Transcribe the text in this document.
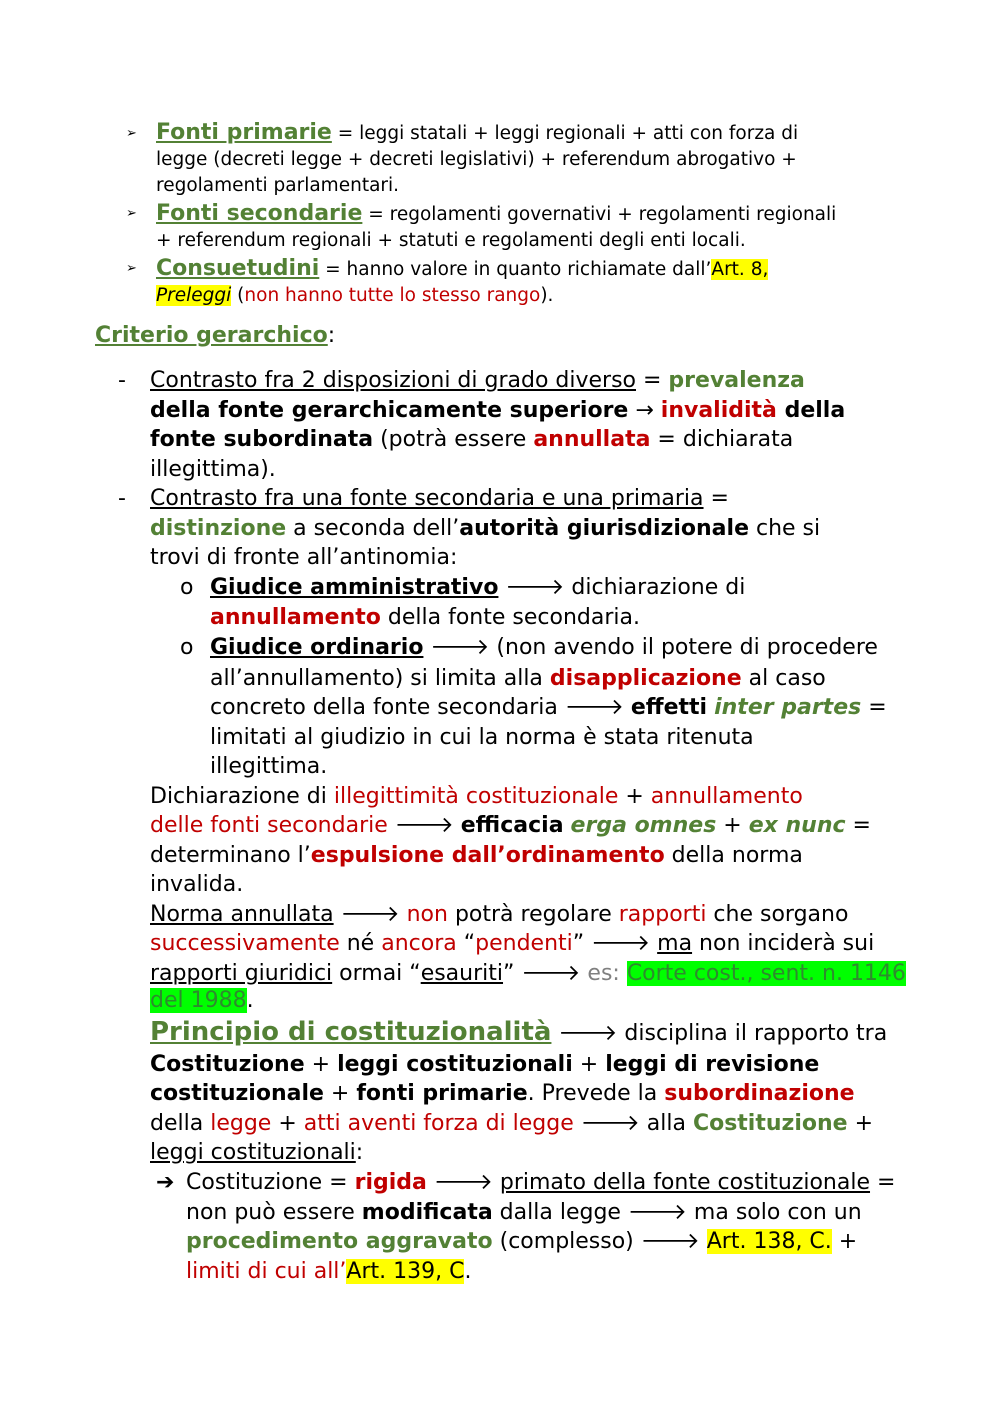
➢ Fonti primarie = leggi statali + leggi regionali + atti con forza di
legge (decreti legge + decreti legislativi) + referendum abrogativo +
regolamenti parlamentari.
➢ Fonti secondarie = regolamenti governativi + regolamenti regionali
+ referendum regionali + statuti e regolamenti degli enti locali.
➢ Consuetudini = hanno valore in quanto richiamate dall’Art. 8,
Preleggi (non hanno tutte lo stesso rango).
Criterio gerarchico:
- Contrasto fra 2 disposizioni di grado diverso = prevalenza
della fonte gerarchicamente superiore → invalidità della
fonte subordinata (potrà essere annullata = dichiarata
illegittima).
- Contrasto fra una fonte secondaria e una primaria =
distinzione a seconda dell’autorità giurisdizionale che si
trovi di fronte all’antinomia:
o Giudice amministrativo 🡒 dichiarazione di
annullamento della fonte secondaria.
o Giudice ordinario 🡒 (non avendo il potere di procedere
all’annullamento) si limita alla disapplicazione al caso
concreto della fonte secondaria 🡒 effetti inter partes =
limitati al giudizio in cui la norma è stata ritenuta
illegittima.
Dichiarazione di illegittimità costituzionale + annullamento
delle fonti secondarie 🡒 efficacia erga omnes + ex nunc =
determinano l’espulsione dall’ordinamento della norma
invalida.
Norma annullata 🡒 non potrà regolare rapporti che sorgano
successivamente né ancora “pendenti” 🡒 ma non inciderà sui
rapporti giuridici ormai “esauriti” 🡒 es: Corte cost., sent. n. 1146
del 1988.
Principio di costituzionalità 🡒 disciplina il rapporto tra
Costituzione + leggi costituzionali + leggi di revisione
costituzionale + fonti primarie. Prevede la subordinazione
della legge + atti aventi forza di legge 🡒 alla Costituzione +
leggi costituzionali:
➔ Costituzione = rigida 🡒 primato della fonte costituzionale =
non può essere modificata dalla legge 🡒 ma solo con un
procedimento aggravato (complesso) 🡒 Art. 138, C. +
limiti di cui all’Art. 139, C.
